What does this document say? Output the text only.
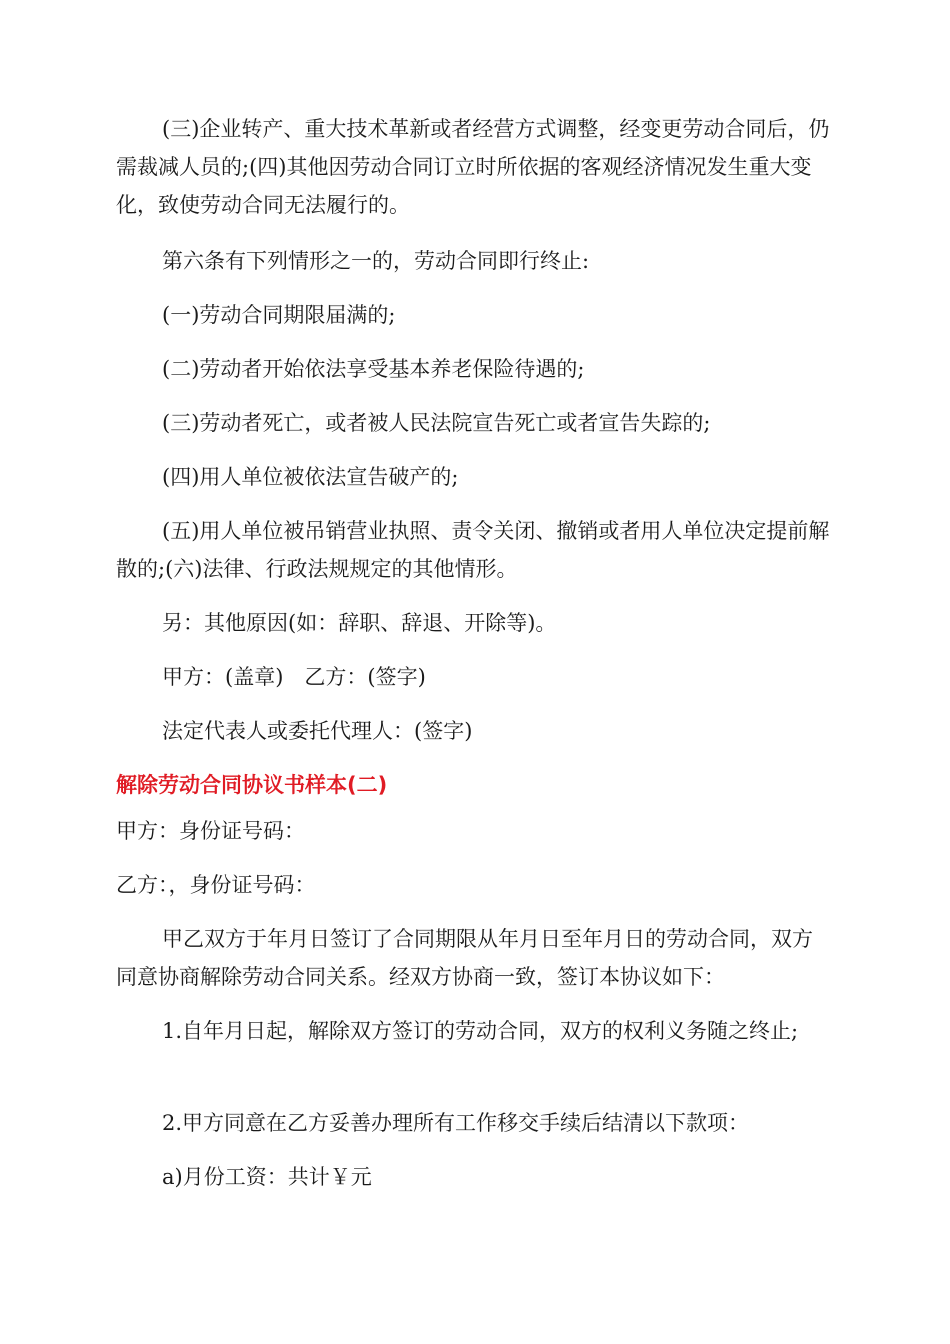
(三)企业转产、重大技术革新或者经营方式调整，经变更劳动合同后，仍需裁减人员的;(四)其他因劳动合同订立时所依据的客观经济情况发生重大变化，致使劳动合同无法履行的。

第六条有下列情形之一的，劳动合同即行终止:

(一)劳动合同期限届满的;

(二)劳动者开始依法享受基本养老保险待遇的;

(三)劳动者死亡，或者被人民法院宣告死亡或者宣告失踪的;

(四)用人单位被依法宣告破产的;

(五)用人单位被吊销营业执照、责令关闭、撤销或者用人单位决定提前解散的;(六)法律、行政法规规定的其他情形。

另：其他原因(如：辞职、辞退、开除等)。

甲方：(盖章)　乙方：(签字)

法定代表人或委托代理人：(签字)

解除劳动合同协议书样本(二)

甲方：身份证号码：

乙方：，身份证号码：

甲乙双方于年月日签订了合同期限从年月日至年月日的劳动合同，双方同意协商解除劳动合同关系。经双方协商一致，签订本协议如下：

1.自年月日起，解除双方签订的劳动合同，双方的权利义务随之终止;

2.甲方同意在乙方妥善办理所有工作移交手续后结清以下款项：

a)月份工资：共计￥元
